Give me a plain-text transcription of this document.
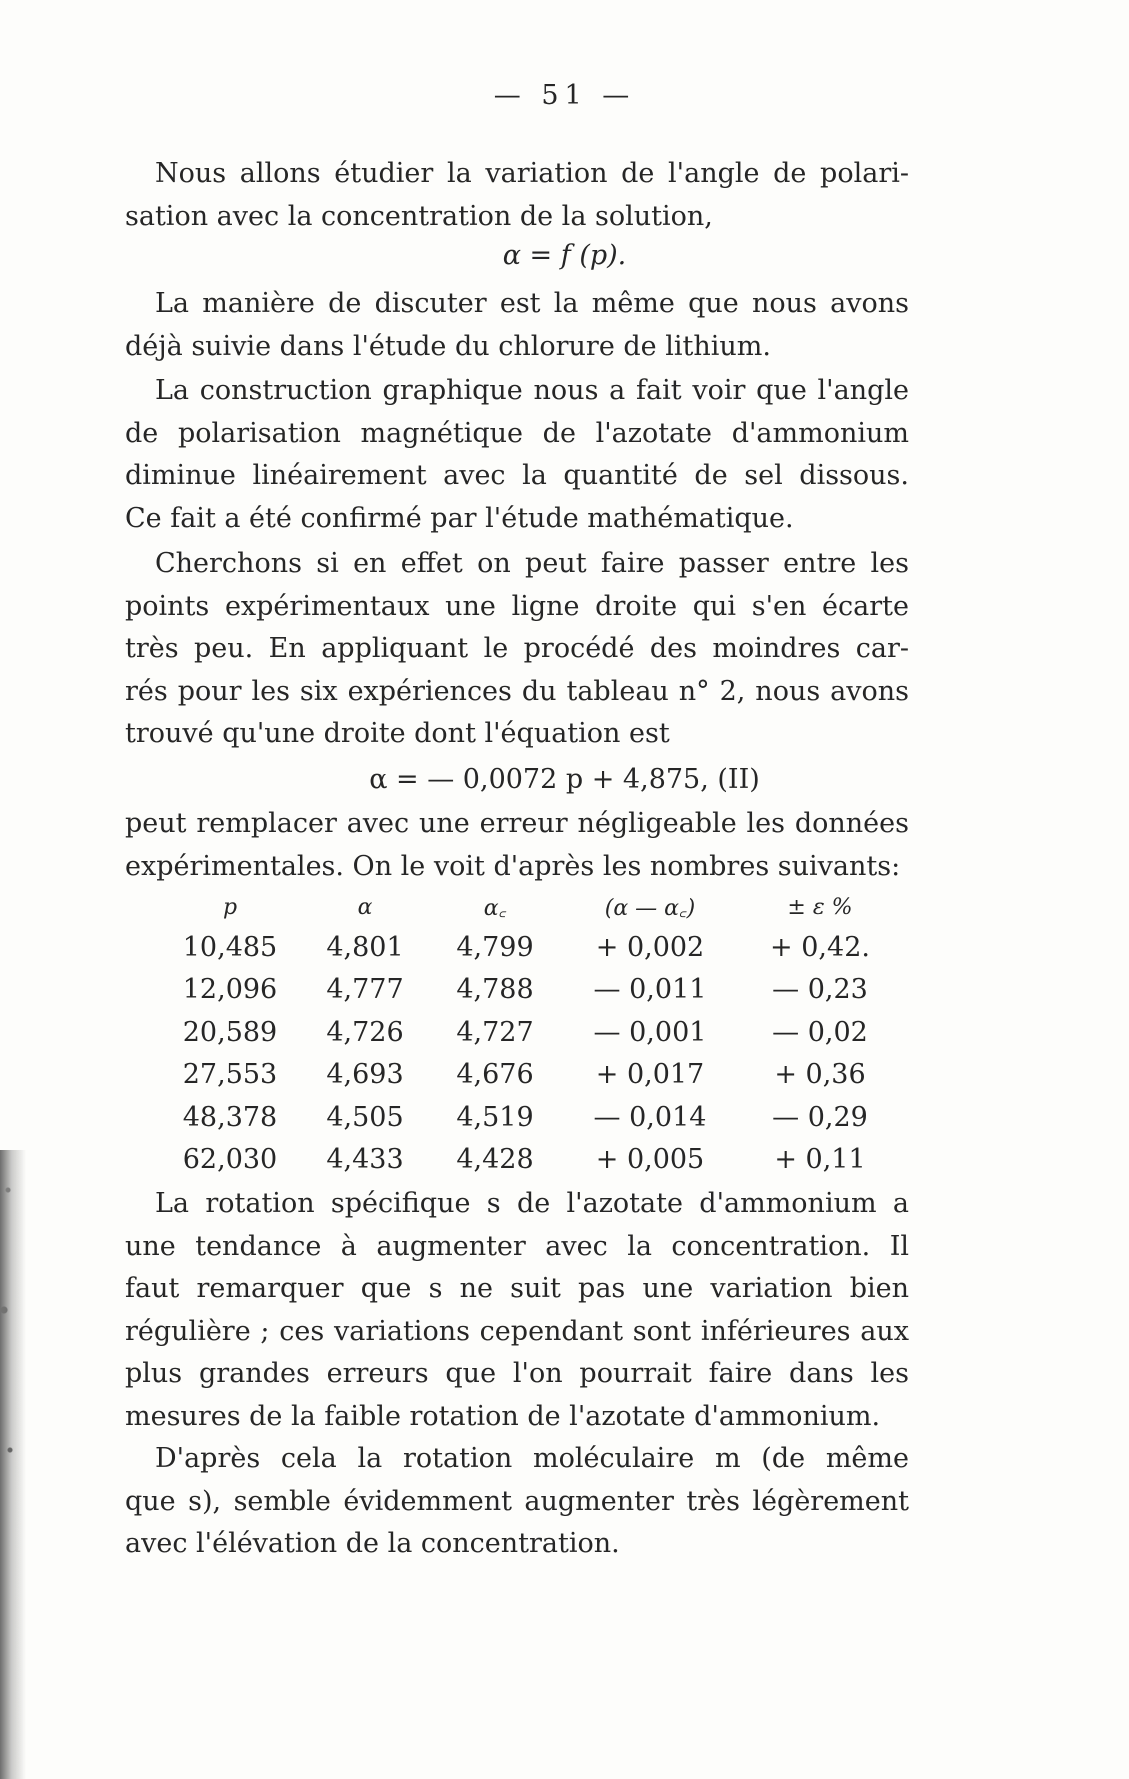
— 51 —
Nous allons étudier la variation de l'angle de polari-
sation avec la concentration de la solution,
α = f (p).
La manière de discuter est la même que nous avons
déjà suivie dans l'étude du chlorure de lithium.
La construction graphique nous a fait voir que l'angle
de polarisation magnétique de l'azotate d'ammonium
diminue linéairement avec la quantité de sel dissous.
Ce fait a été confirmé par l'étude mathématique.
Cherchons si en effet on peut faire passer entre les
points expérimentaux une ligne droite qui s'en écarte
très peu. En appliquant le procédé des moindres car-
rés pour les six expériences du tableau n° 2, nous avons
trouvé qu'une droite dont l'équation est
α = — 0,0072 p + 4,875, (II)
peut remplacer avec une erreur négligeable les données
expérimentales. On le voit d'après les nombres suivants:
p	α	α꜀	(α — α꜀)	± ε %
10,485	4,801	4,799	+ 0,002	+ 0,42.
12,096	4,777	4,788	— 0,011	— 0,23
20,589	4,726	4,727	— 0,001	— 0,02
27,553	4,693	4,676	+ 0,017	+ 0,36
48,378	4,505	4,519	— 0,014	— 0,29
62,030	4,433	4,428	+ 0,005	+ 0,11
La rotation spécifique s de l'azotate d'ammonium a
une tendance à augmenter avec la concentration. Il
faut remarquer que s ne suit pas une variation bien
régulière ; ces variations cependant sont inférieures aux
plus grandes erreurs que l'on pourrait faire dans les
mesures de la faible rotation de l'azotate d'ammonium.
D'après cela la rotation moléculaire m (de même
que s), semble évidemment augmenter très légèrement
avec l'élévation de la concentration.
